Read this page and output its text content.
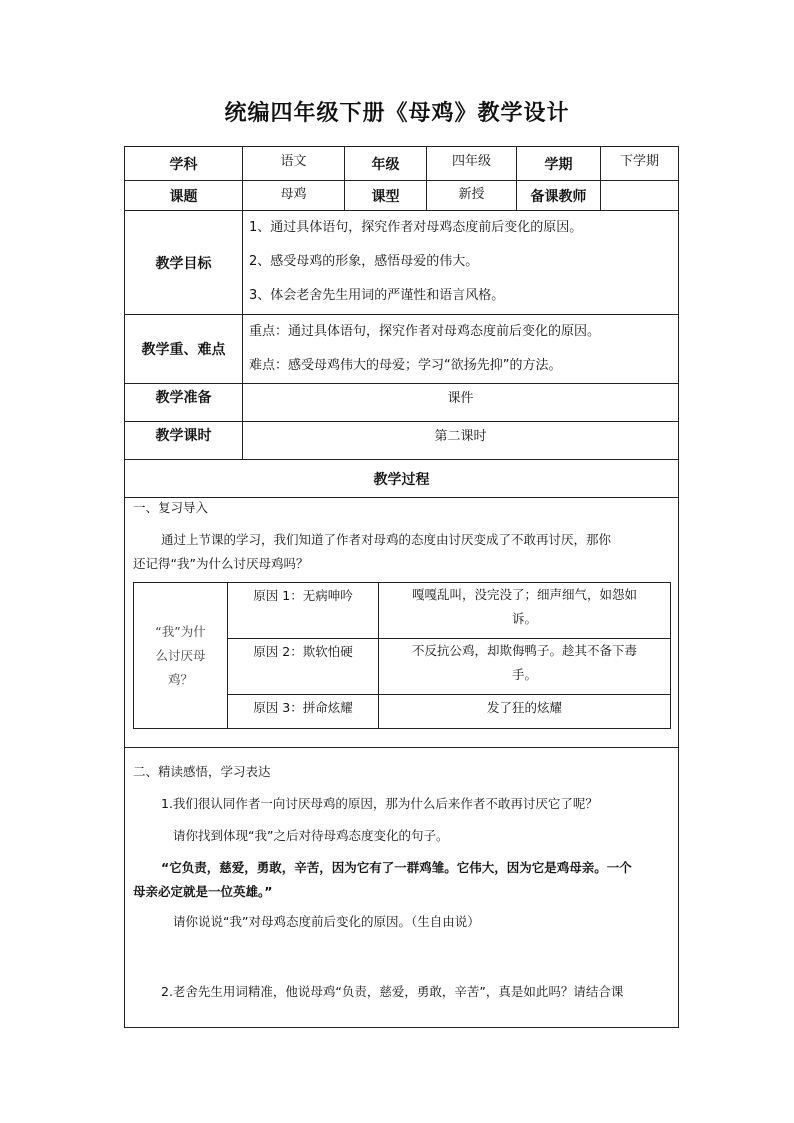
统编四年级下册《母鸡》教学设计
学科	语文	年级	四年级	学期	下学期
课题	母鸡	课型	新授	备课教师	
教学目标	
1、通过具体语句，探究作者对母鸡态度前后变化的原因。
2、感受母鸡的形象，感悟母爱的伟大。
3、体会老舍先生用词的严谨性和语言风格。

教学重、难点	
重点：通过具体语句，探究作者对母鸡态度前后变化的原因。
难点：感受母鸡伟大的母爱；学习“欲扬先抑”的方法。

教学准备	课件
教学课时	第二课时
教学过程

一、复习导入
通过上节课的学习，我们知道了作者对母鸡的态度由讨厌变成了不敢再讨厌，那你
还记得“我”为什么讨厌母鸡吗？
“我”为什
么讨厌母
鸡？
	原因 1：无病呻吟	嘎嘎乱叫，没完没了；细声细气，如怨如
诉。

原因 2：欺软怕硬	不反抗公鸡，却欺侮鸭子。趁其不备下毒
手。

原因 3：拼命炫耀	发了狂的炫耀

二、精读感悟，学习表达
1.我们很认同作者一向讨厌母鸡的原因，那为什么后来作者不敢再讨厌它了呢？
请你找到体现“我”之后对待母鸡态度变化的句子。
“它负责，慈爱，勇敢，辛苦，因为它有了一群鸡雏。它伟大，因为它是鸡母亲。一个
母亲必定就是一位英雄。”
请你说说“我”对母鸡态度前后变化的原因。（生自由说）
2.老舍先生用词精准，他说母鸡“负责，慈爱，勇敢，辛苦”，真是如此吗？请结合课
